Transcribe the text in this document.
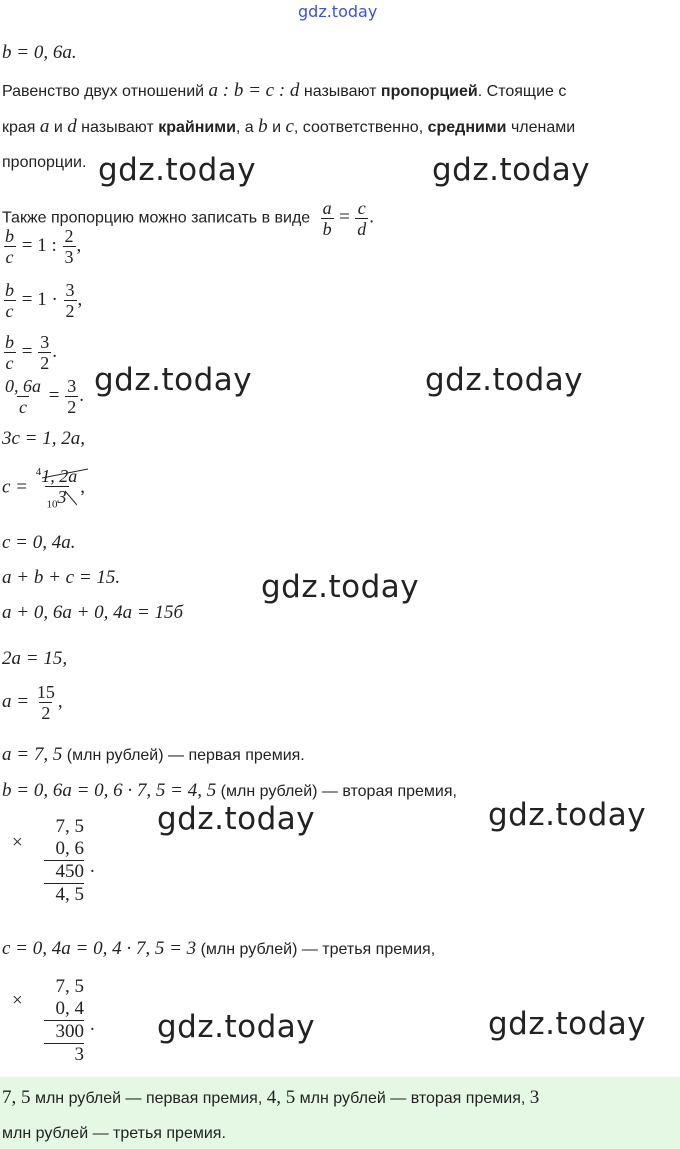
gdz.today
b = 0, 6a.
Равенство двух отношений a : b = c : d называют пропорцией. Стоящие с
края a и d называют крайними, а b и c, соответственно, средними членами
пропорции.
Также пропорцию можно записать в виде $\frac{a}{b} = \frac{c}{d}$ .
$\frac{b}{c} = 1$ : $\frac{2}{3}$ ,
$\frac{b}{c} = 1 \cdot \frac{3}{2}$ ,
$\frac{b}{c} = \frac{3}{2}$ .
$\frac{0, 6a}{c} = \frac{3}{2}$ .
3c = 1, 2a,
$c = \frac{^41, 2a}{_{10}3}$ ,
c = 0, 4a.
a + b + c = 15.
a + 0, 6a + 0, 4a = 15б
2a = 15,
$a = \frac{15}{2}$ ,
a = 7, 5 (млн рублей) — первая премия.
b = 0, 6a = 0, 6 · 7, 5 = 4, 5 (млн рублей) — вторая премия,
×
7, 5
0, 6
450
4, 5
.
c = 0, 4a = 0, 4 · 7, 5 = 3 (млн рублей) — третья премия,
×
7, 5
0, 4
300
3
.
7, 5 млн рублей — первая премия, 4, 5 млн рублей — вторая премия, 3
млн рублей — третья премия.
gdz.today	gdz.today
gdz.today	gdz.today
gdz.today
gdz.today	gdz.today
gdz.today	gdz.today
